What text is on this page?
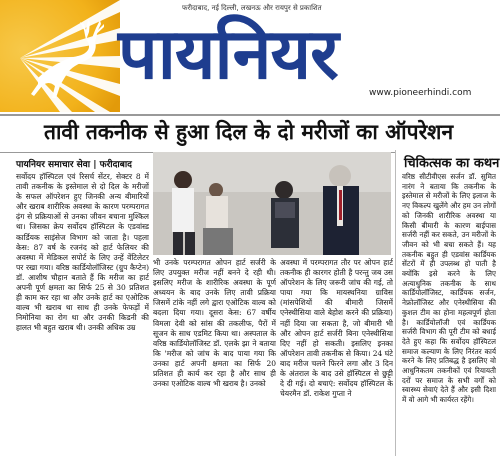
फरीदाबाद, नई दिल्ली, लखनऊ और रायपुर से प्रकाशित
पायनियर	www.pioneerhindi.com
तावी तकनीक से हुआ दिल के दो मरीजों का ऑपरेशन
पायनियर समाचार सेवा | फरीदाबाद
सर्वोदय हॉस्पिटल एवं रिसर्च सेंटर, सेक्टर 8 में तावी तकनीक के इस्तेमाल से दो दिल के मरीजों के सफल ऑपरेशन हुए जिनकी अन्य बीमारियों और खराब शारीरिक अवस्था के कारण परम्परागत ढ़ंग से प्रक्रियाओं से उनका जीवन बचाना मुश्किल था। जिसका क्रेय सर्वोदय हॉस्पिटल के एडवांस्ड कार्डियक साइंसेज विभाग को जाता है। पहला केस: 87 वर्ष के रजनंद को हार्ट फेलियर की अवस्था में मेडिकल सपोर्ट के लिए उन्हें वेंटिलेटर पर रखा गया। वरिष्ठ कार्डियोलॉजिस्ट (ग्रुप कैप्टेन) डॉ. आशीष चौहान बताते हैं कि मरीज का हार्ट अपनी पूर्ण क्षमता का सिर्फ 25 से 30 प्रतिशत ही काम कर रहा था और उनके हार्ट का एओटिक वाल्व भी खराब था साथ ही उनके फेफड़ों में निमोनिया का रोग था और उनकी किडनी की हालत भी बहुत खराब थी। उनकी अधिक उम्र
भी उनके परम्परागत ओपन हार्ट सर्जरी के लिए उपयुक्त मरीज नहीं बनने दे रही थी। इसलिए मरीज के शारीरिक अवस्था के पूर्ण अध्ययन के बाद उनके लिए तावी प्रक्रिया जिसमें टांके नहीं लगे द्वारा एओटिक वाल्व को बदला दिया गया। दूसरा केस: 67 वर्षीय विमला देवी को सांस की तकलीफ, पैरों में सूजन के साथ एडमिट किया था। अस्पताल के वरिष्ठ कार्डियोलॉजिस्ट डॉ. एलके झा ने बताया कि 'मरीज को जांच के बाद पाया गया कि उनका हार्ट अपनी क्षमता का सिर्फ 20 प्रतिशत ही कार्य कर रहा है और साथ ही उनका एओटिक वाल्व भी खराब है। उनको
अवस्था में परम्परागत तौर पर ओपन हार्ट तकनीक ही कारगर होती है परन्तु जब उस ऑपरेशन के लिए जरूरी जांच की गई, तो पाया गया कि मायस्थनिया ग्राविस (मांसपेशियों की बीमारी जिसमें एनेस्थीसिया वाले बेहोश करने की प्रक्रिया) नहीं दिया जा सकता है, जो बीमारी भी और ओपन हार्ट सर्जरी बिना एनेस्थीसिया दिए नहीं हो सकती। इसलिए इनका ऑपरेशन तावी तकनीक से किया। 24 घंटे बाद मरीज चलने फिरने लगा और 3 दिन के अंतराल के बाद उसे हॉस्पिटल से छुट्टी दे दी गई। दो बचाएं: सर्वोदय हॉस्पिटल के चेयरमैन डॉ. राकेश गुप्ता ने
चिकित्सक का कथन
वरिष्ठ सीटीवीएस सर्जन डॉ. सुमित नारंग ने बताया कि तकनीक के इस्तेमाल से मरीजों के लिए इलाज के नए विकल्प खुलेंगे और हम उन लोगों को जिनकी शारीरिक अवस्था या किसी बीमारी के कारण बाईपास सर्जरी नहीं कर सकते, उन मरीजों के जीवन को भी बचा सकते हैं। यह तकनीक बहुत ही एडवांस कार्डियक सेंटरों में ही उपलब्ध हो पाती है क्योंकि इसे करने के लिए अत्याधुनिक तकनीक के साथ कार्डियोलॉजिस्ट, कार्डियक सर्जन, नेफ्रोलॉजिस्ट और एनेस्थीसिया की कुशल टीम का होना महत्वपूर्ण होता है। कार्डियोलॉजी एवं कार्डियक सर्जरी विभाग की पूरी टीम को बधाई देते हुए कहा कि सर्वोदय हॉस्पिटल समाज कल्याण के लिए निरंतर कार्य करने के लिए प्रतिबद्ध है इसलिए वो आधुनिकतम तकनीकों एवं रियायती दरों पर समाज के सभी वर्गों को स्वास्थ्य सेवाएं देते हैं और इसी दिशा में वो आगे भी कार्यरत रहेंगे।
